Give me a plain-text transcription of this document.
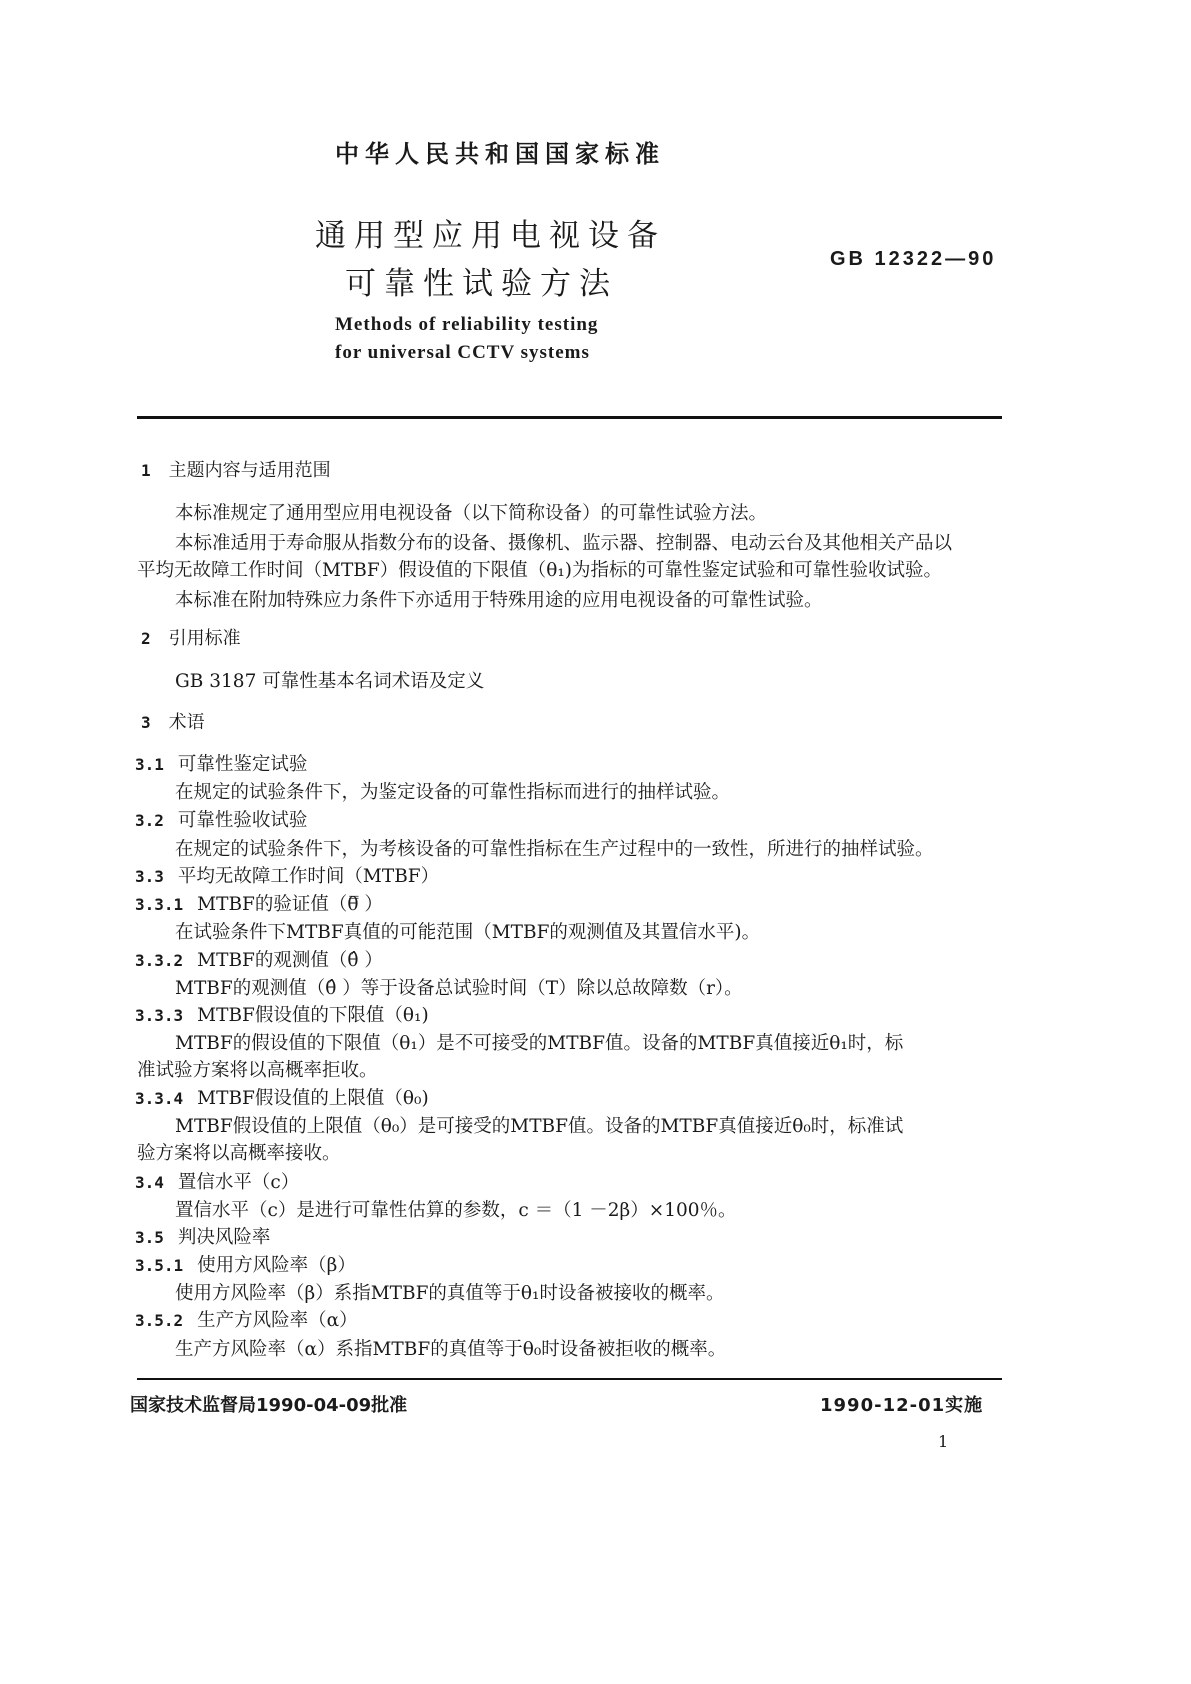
中华人民共和国国家标准
通用型应用电视设备
可靠性试验方法
GB 12322—90
Methods of reliability testing
for universal CCTV systems
1 主题内容与适用范围
本标准规定了通用型应用电视设备（以下简称设备）的可靠性试验方法。
本标准适用于寿命服从指数分布的设备、摄像机、监示器、控制器、电动云台及其他相关产品以
平均无故障工作时间（MTBF）假设值的下限值（θ₁)为指标的可靠性鉴定试验和可靠性验收试验。
本标准在附加特殊应力条件下亦适用于特殊用途的应用电视设备的可靠性试验。
2 引用标准
GB 3187 可靠性基本名词术语及定义
3 术语
3.1 可靠性鉴定试验
在规定的试验条件下，为鉴定设备的可靠性指标而进行的抽样试验。
3.2 可靠性验收试验
在规定的试验条件下，为考核设备的可靠性指标在生产过程中的一致性，所进行的抽样试验。
3.3 平均无故障工作时间（MTBF）
3.3.1 MTBF的验证值（θ̿ ）
在试验条件下MTBF真值的可能范围（MTBF的观测值及其置信水平)。
3.3.2 MTBF的观测值（θ̂ ）
MTBF的观测值（θ̂ ）等于设备总试验时间（T）除以总故障数（r）。
3.3.3 MTBF假设值的下限值（θ₁)
MTBF的假设值的下限值（θ₁）是不可接受的MTBF值。设备的MTBF真值接近θ₁时，标
准试验方案将以高概率拒收。
3.3.4 MTBF假设值的上限值（θ₀)
MTBF假设值的上限值（θ₀）是可接受的MTBF值。设备的MTBF真值接近θ₀时，标准试
验方案将以高概率接收。
3.4 置信水平（c）
置信水平（c）是进行可靠性估算的参数，c ＝（1 －2β）×100％。
3.5 判决风险率
3.5.1 使用方风险率（β）
使用方风险率（β）系指MTBF的真值等于θ₁时设备被接收的概率。
3.5.2 生产方风险率（α）
生产方风险率（α）系指MTBF的真值等于θ₀时设备被拒收的概率。
国家技术监督局1990-04-09批准	1990-12-01实施
1
